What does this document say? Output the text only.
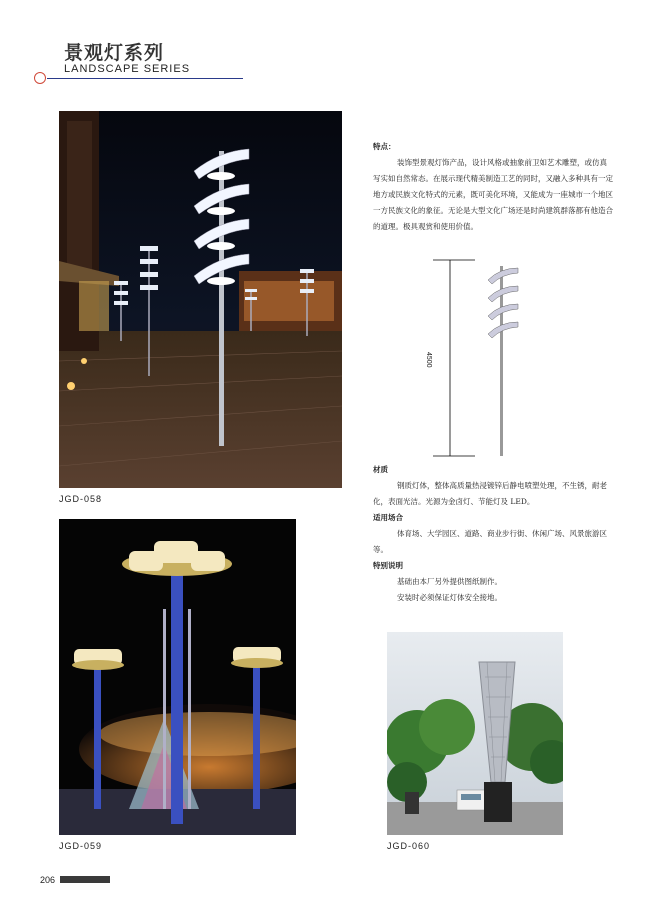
景观灯系列
LANDSCAPE SERIES
JGD-058
JGD-059	JGD-060

特点：

装饰型景观灯饰产品，设计风格或抽象前卫如艺术雕塑，或仿真写实如自然常态。在展示现代精美制造工艺的同时，又融入多种具有一定地方或民族文化特式的元素，既可美化环境，又能成为一座城市一个地区一方民族文化的象征。无论是大型文化广场还是时尚建筑群落都有他造合的道理。极具观赏和使用价值。

4500

材质

钢质灯体，整体高质量热浸镀锌后静电喷塑处理，不生锈，耐老化，表面光洁。光源为金卤灯、节能灯及 LED。

适用场合

体育场、大学园区、道路、商业步行街、休闲广场、风景旅游区等。

特别说明

基础由本厂另外提供图纸制作。

安装时必须保证灯体安全接地。

206
